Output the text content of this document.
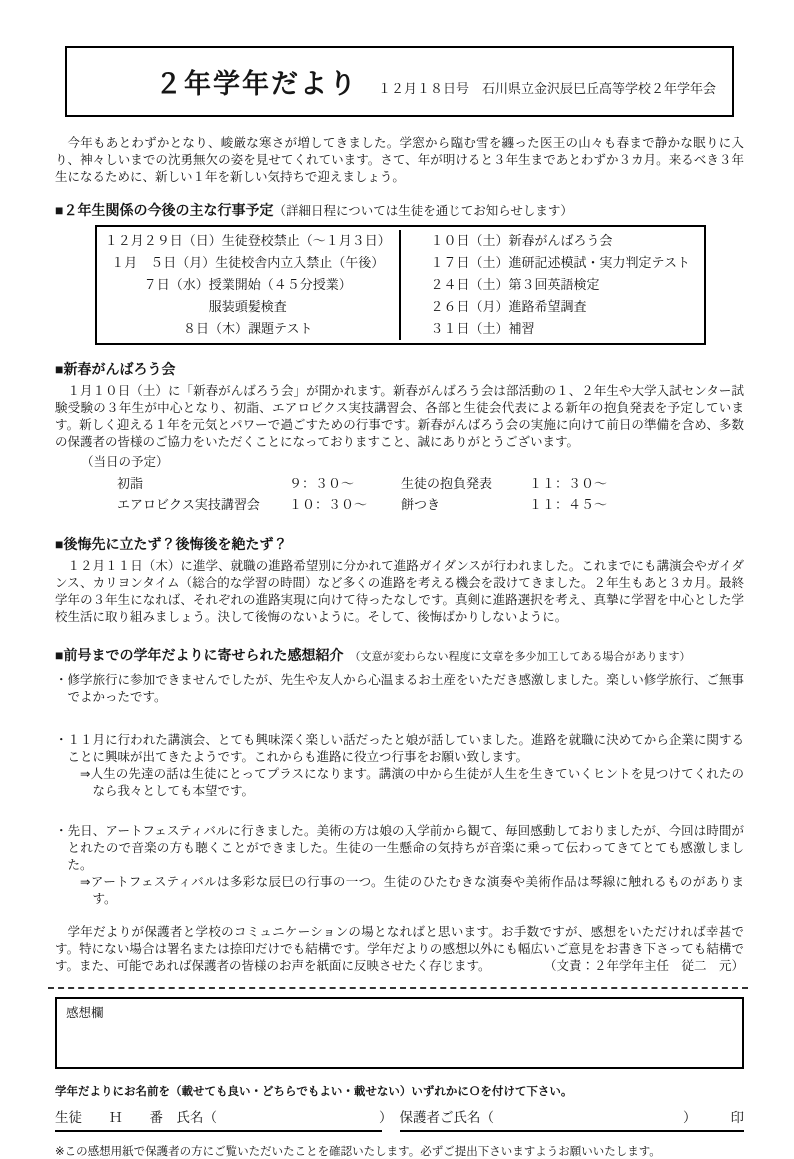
２年学年だより １２月１８日号　石川県立金沢辰巳丘高等学校２年学年会

今年もあとわずかとなり、峻厳な寒さが増してきました。学窓から臨む雪を纏った医王の山々も春まで静かな眠りに入り、神々しいまでの沈勇無欠の姿を見せてくれています。さて、年が明けると３年生まであとわずか３カ月。来るべき３年生になるために、新しい１年を新しい気持ちで迎えましょう。

■２年生関係の今後の主な行事予定（詳細日程については生徒を通じてお知らせします）
１２月２９日（日）生徒登校禁止（～１月３日）
１月　５日（月）生徒校舎内立入禁止（午後）
７日（水）授業開始（４５分授業）
服装頭髪検査
８日（木）課題テスト
１０日（土）新春がんばろう会
１７日（土）進研記述模試・実力判定テスト
２４日（土）第３回英語検定
２６日（月）進路希望調査
３１日（土）補習
■新春がんばろう会

１月１０日（土）に「新春がんばろう会」が開かれます。新春がんばろう会は部活動の１、２年生や大学入試センター試験受験の３年生が中心となり、初詣、エアロビクス実技講習会、各部と生徒会代表による新年の抱負発表を予定しています。新しく迎える１年を元気とパワーで過ごすための行事です。新春がんばろう会の実施に向けて前日の準備を含め、多数の保護者の皆様のご協力をいただくことになっておりますこと、誠にありがとうございます。

（当日の予定）
初詣	９：３０～	生徒の抱負発表	１１：３０～
エアロビクス実技講習会	１０：３０～	餅つき	１１：４５～
■後悔先に立たず？後悔後を絶たず？

１２月１１日（木）に進学、就職の進路希望別に分かれて進路ガイダンスが行われました。これまでにも講演会やガイダンス、カリヨンタイム（総合的な学習の時間）など多くの進路を考える機会を設けてきました。２年生もあと３カ月。最終学年の３年生になれば、それぞれの進路実現に向けて待ったなしです。真剣に進路選択を考え、真摯に学習を中心とした学校生活に取り組みましょう。決して後悔のないように。そして、後悔ばかりしないように。

■前号までの学年だよりに寄せられた感想紹介 （文意が変わらない程度に文章を多少加工してある場合があります）
・修学旅行に参加できませんでしたが、先生や友人から心温まるお土産をいただき感激しました。楽しい修学旅行、ご無事でよかったです。
・１１月に行われた講演会、とても興味深く楽しい話だったと娘が話していました。進路を就職に決めてから企業に関することに興味が出てきたようです。これからも進路に役立つ行事をお願い致します。
⇒人生の先達の話は生徒にとってプラスになります。講演の中から生徒が人生を生きていくヒントを見つけてくれたのなら我々としても本望です。
・先日、アートフェスティバルに行きました。美術の方は娘の入学前から観て、毎回感動しておりましたが、今回は時間がとれたので音楽の方も聴くことができました。生徒の一生懸命の気持ちが音楽に乗って伝わってきてとても感激しました。
⇒アートフェスティバルは多彩な辰巳の行事の一つ。生徒のひたむきな演奏や美術作品は琴線に触れるものがあります。

学年だよりが保護者と学校のコミュニケーションの場となればと思います。お手数ですが、感想をいただければ幸甚です。特にない場合は署名または捺印だけでも結構です。学年だよりの感想以外にも幅広いご意見をお書き下さっても結構です。また、可能であれば保護者の皆様のお声を紙面に反映させたく存じます。	（文責：２年学年主任　従二　元）

感想欄
学年だよりにお名前を（載せても良い・どちらでもよい・載せない）いずれかにＯを付けて下さい。
生徒　　Ｈ　　番　氏名（　　　　　　　　　　　　） 保護者ご氏名（　　　　　　　　　　　　　　）	印
※この感想用紙で保護者の方にご覧いただいたことを確認いたします。必ずご提出下さいますようお願いいたします。
